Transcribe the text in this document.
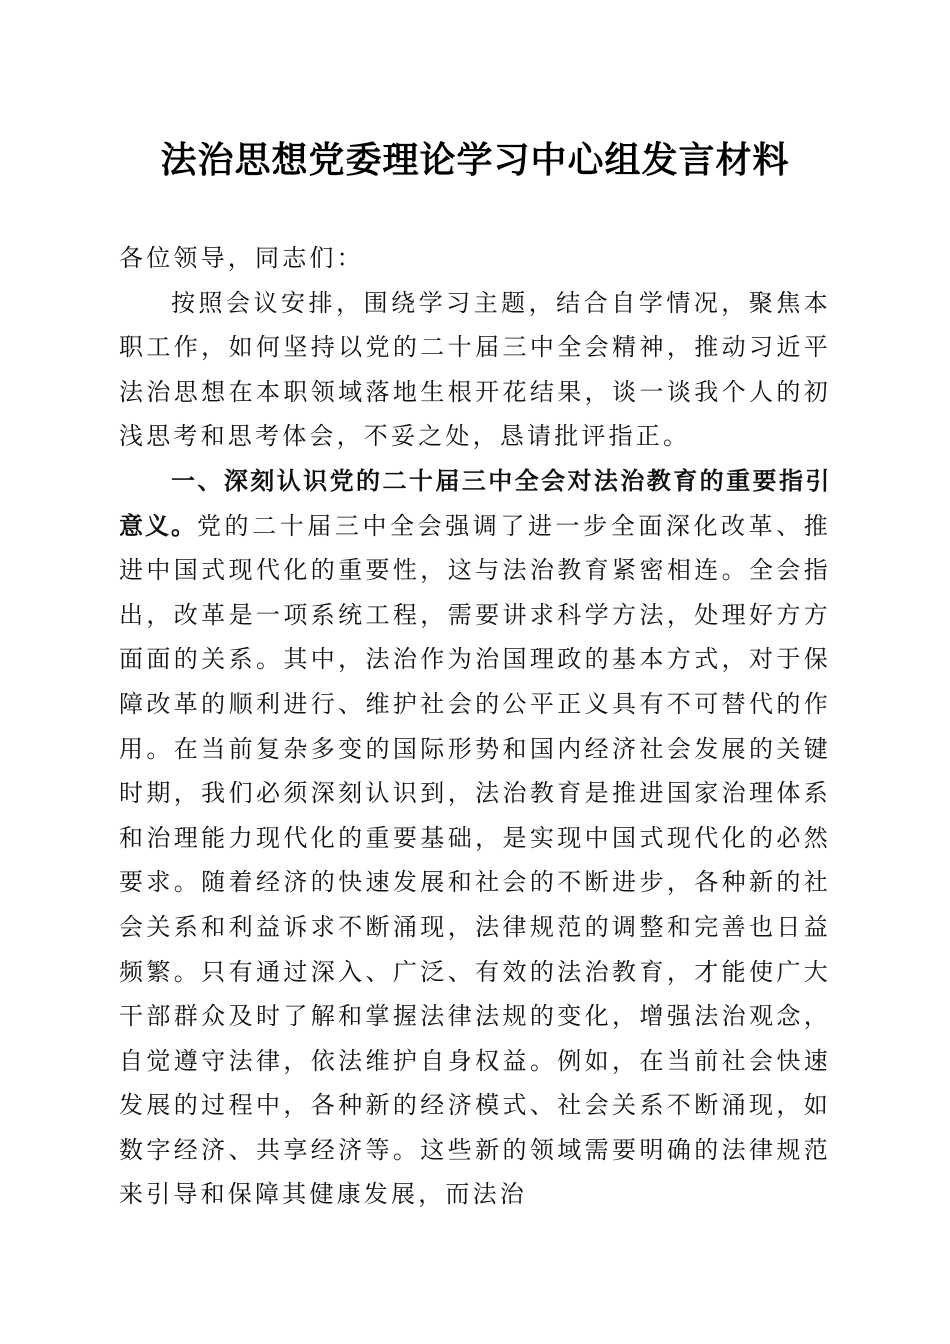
法治思想党委理论学习中心组发言材料

各位领导，同志们：

按照会议安排，围绕学习主题，结合自学情况，聚焦本职工作，如何坚持以党的二十届三中全会精神，推动习近平法治思想在本职领域落地生根开花结果，谈一谈我个人的初浅思考和思考体会，不妥之处，恳请批评指正。

一、深刻认识党的二十届三中全会对法治教育的重要指引意义。党的二十届三中全会强调了进一步全面深化改革、推进中国式现代化的重要性，这与法治教育紧密相连。全会指出，改革是一项系统工程，需要讲求科学方法，处理好方方面面的关系。其中，法治作为治国理政的基本方式，对于保障改革的顺利进行、维护社会的公平正义具有不可替代的作用。在当前复杂多变的国际形势和国内经济社会发展的关键时期，我们必须深刻认识到，法治教育是推进国家治理体系和治理能力现代化的重要基础，是实现中国式现代化的必然要求。随着经济的快速发展和社会的不断进步，各种新的社会关系和利益诉求不断涌现，法律规范的调整和完善也日益频繁。只有通过深入、广泛、有效的法治教育，才能使广大干部群众及时了解和掌握法律法规的变化，增强法治观念，自觉遵守法律，依法维护自身权益。例如，在当前社会快速发展的过程中，各种新的经济模式、社会关系不断涌现，如数字经济、共享经济等。这些新的领域需要明确的法律规范来引导和保障其健康发展，而法治
